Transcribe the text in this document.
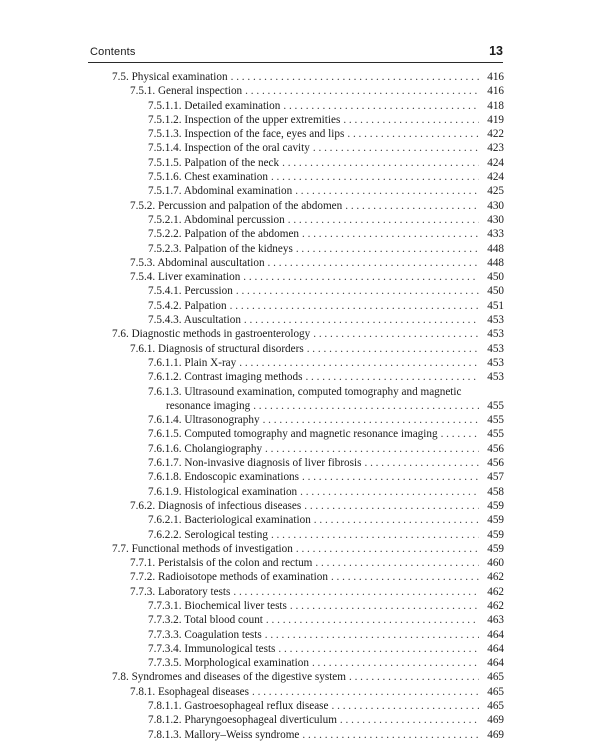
Contents	13
7.5. Physical examination . . .	416
7.5.1. General inspection . . .	416
7.5.1.1. Detailed examination . . .	418
7.5.1.2. Inspection of the upper extremities . . .	419
7.5.1.3. Inspection of the face, eyes and lips . . .	422
7.5.1.4. Inspection of the oral cavity . . .	423
7.5.1.5. Palpation of the neck . . .	424
7.5.1.6. Chest examination . . .	424
7.5.1.7. Abdominal examination . . .	425
7.5.2. Percussion and palpation of the abdomen . . .	430
7.5.2.1. Abdominal percussion . . .	430
7.5.2.2. Palpation of the abdomen . . .	433
7.5.2.3. Palpation of the kidneys . . .	448
7.5.3. Abdominal auscultation . . .	448
7.5.4. Liver examination . . .	450
7.5.4.1. Percussion . . .	450
7.5.4.2. Palpation . . .	451
7.5.4.3. Auscultation . . .	453
7.6. Diagnostic methods in gastroenterology . . .	453
7.6.1. Diagnosis of structural disorders . . .	453
7.6.1.1. Plain X-ray . . .	453
7.6.1.2. Contrast imaging methods . . .	453
7.6.1.3. Ultrasound examination, computed tomography and magnetic
resonance imaging . . .	455
7.6.1.4. Ultrasonography . . .	455
7.6.1.5. Computed tomography and magnetic resonance imaging . . .	455
7.6.1.6. Cholangiography . . .	456
7.6.1.7. Non-invasive diagnosis of liver fibrosis . . .	456
7.6.1.8. Endoscopic examinations . . .	457
7.6.1.9. Histological examination . . .	458
7.6.2. Diagnosis of infectious diseases . . .	459
7.6.2.1. Bacteriological examination . . .	459
7.6.2.2. Serological testing . . .	459
7.7. Functional methods of investigation . . .	459
7.7.1. Peristalsis of the colon and rectum . . .	460
7.7.2. Radioisotope methods of examination . . .	462
7.7.3. Laboratory tests . . .	462
7.7.3.1. Biochemical liver tests . . .	462
7.7.3.2. Total blood count . . .	463
7.7.3.3. Coagulation tests . . .	464
7.7.3.4. Immunological tests . . .	464
7.7.3.5. Morphological examination . . .	464
7.8. Syndromes and diseases of the digestive system . . .	465
7.8.1. Esophageal diseases . . .	465
7.8.1.1. Gastroesophageal reflux disease . . .	465
7.8.1.2. Pharyngoesophageal diverticulum . . .	469
7.8.1.3. Mallory–Weiss syndrome . . .	469
